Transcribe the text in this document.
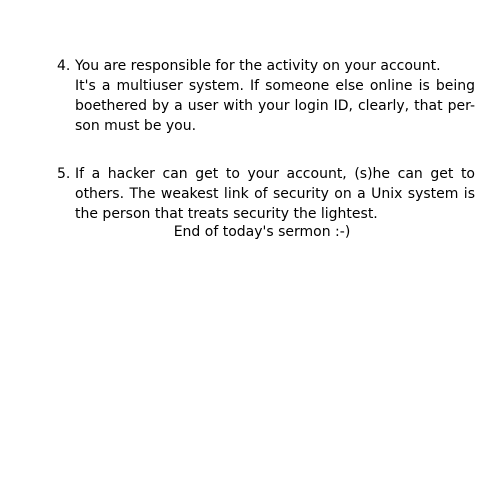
4. You are responsible for the activity on your account.
It's a multiuser system. If someone else online is being
boethered by a user with your login ID, clearly, that per-
son must be you.
5. If a hacker can get to your account, (s)he can get to
others. The weakest link of security on a Unix system is
the person that treats security the lightest.
End of today's sermon :-)
